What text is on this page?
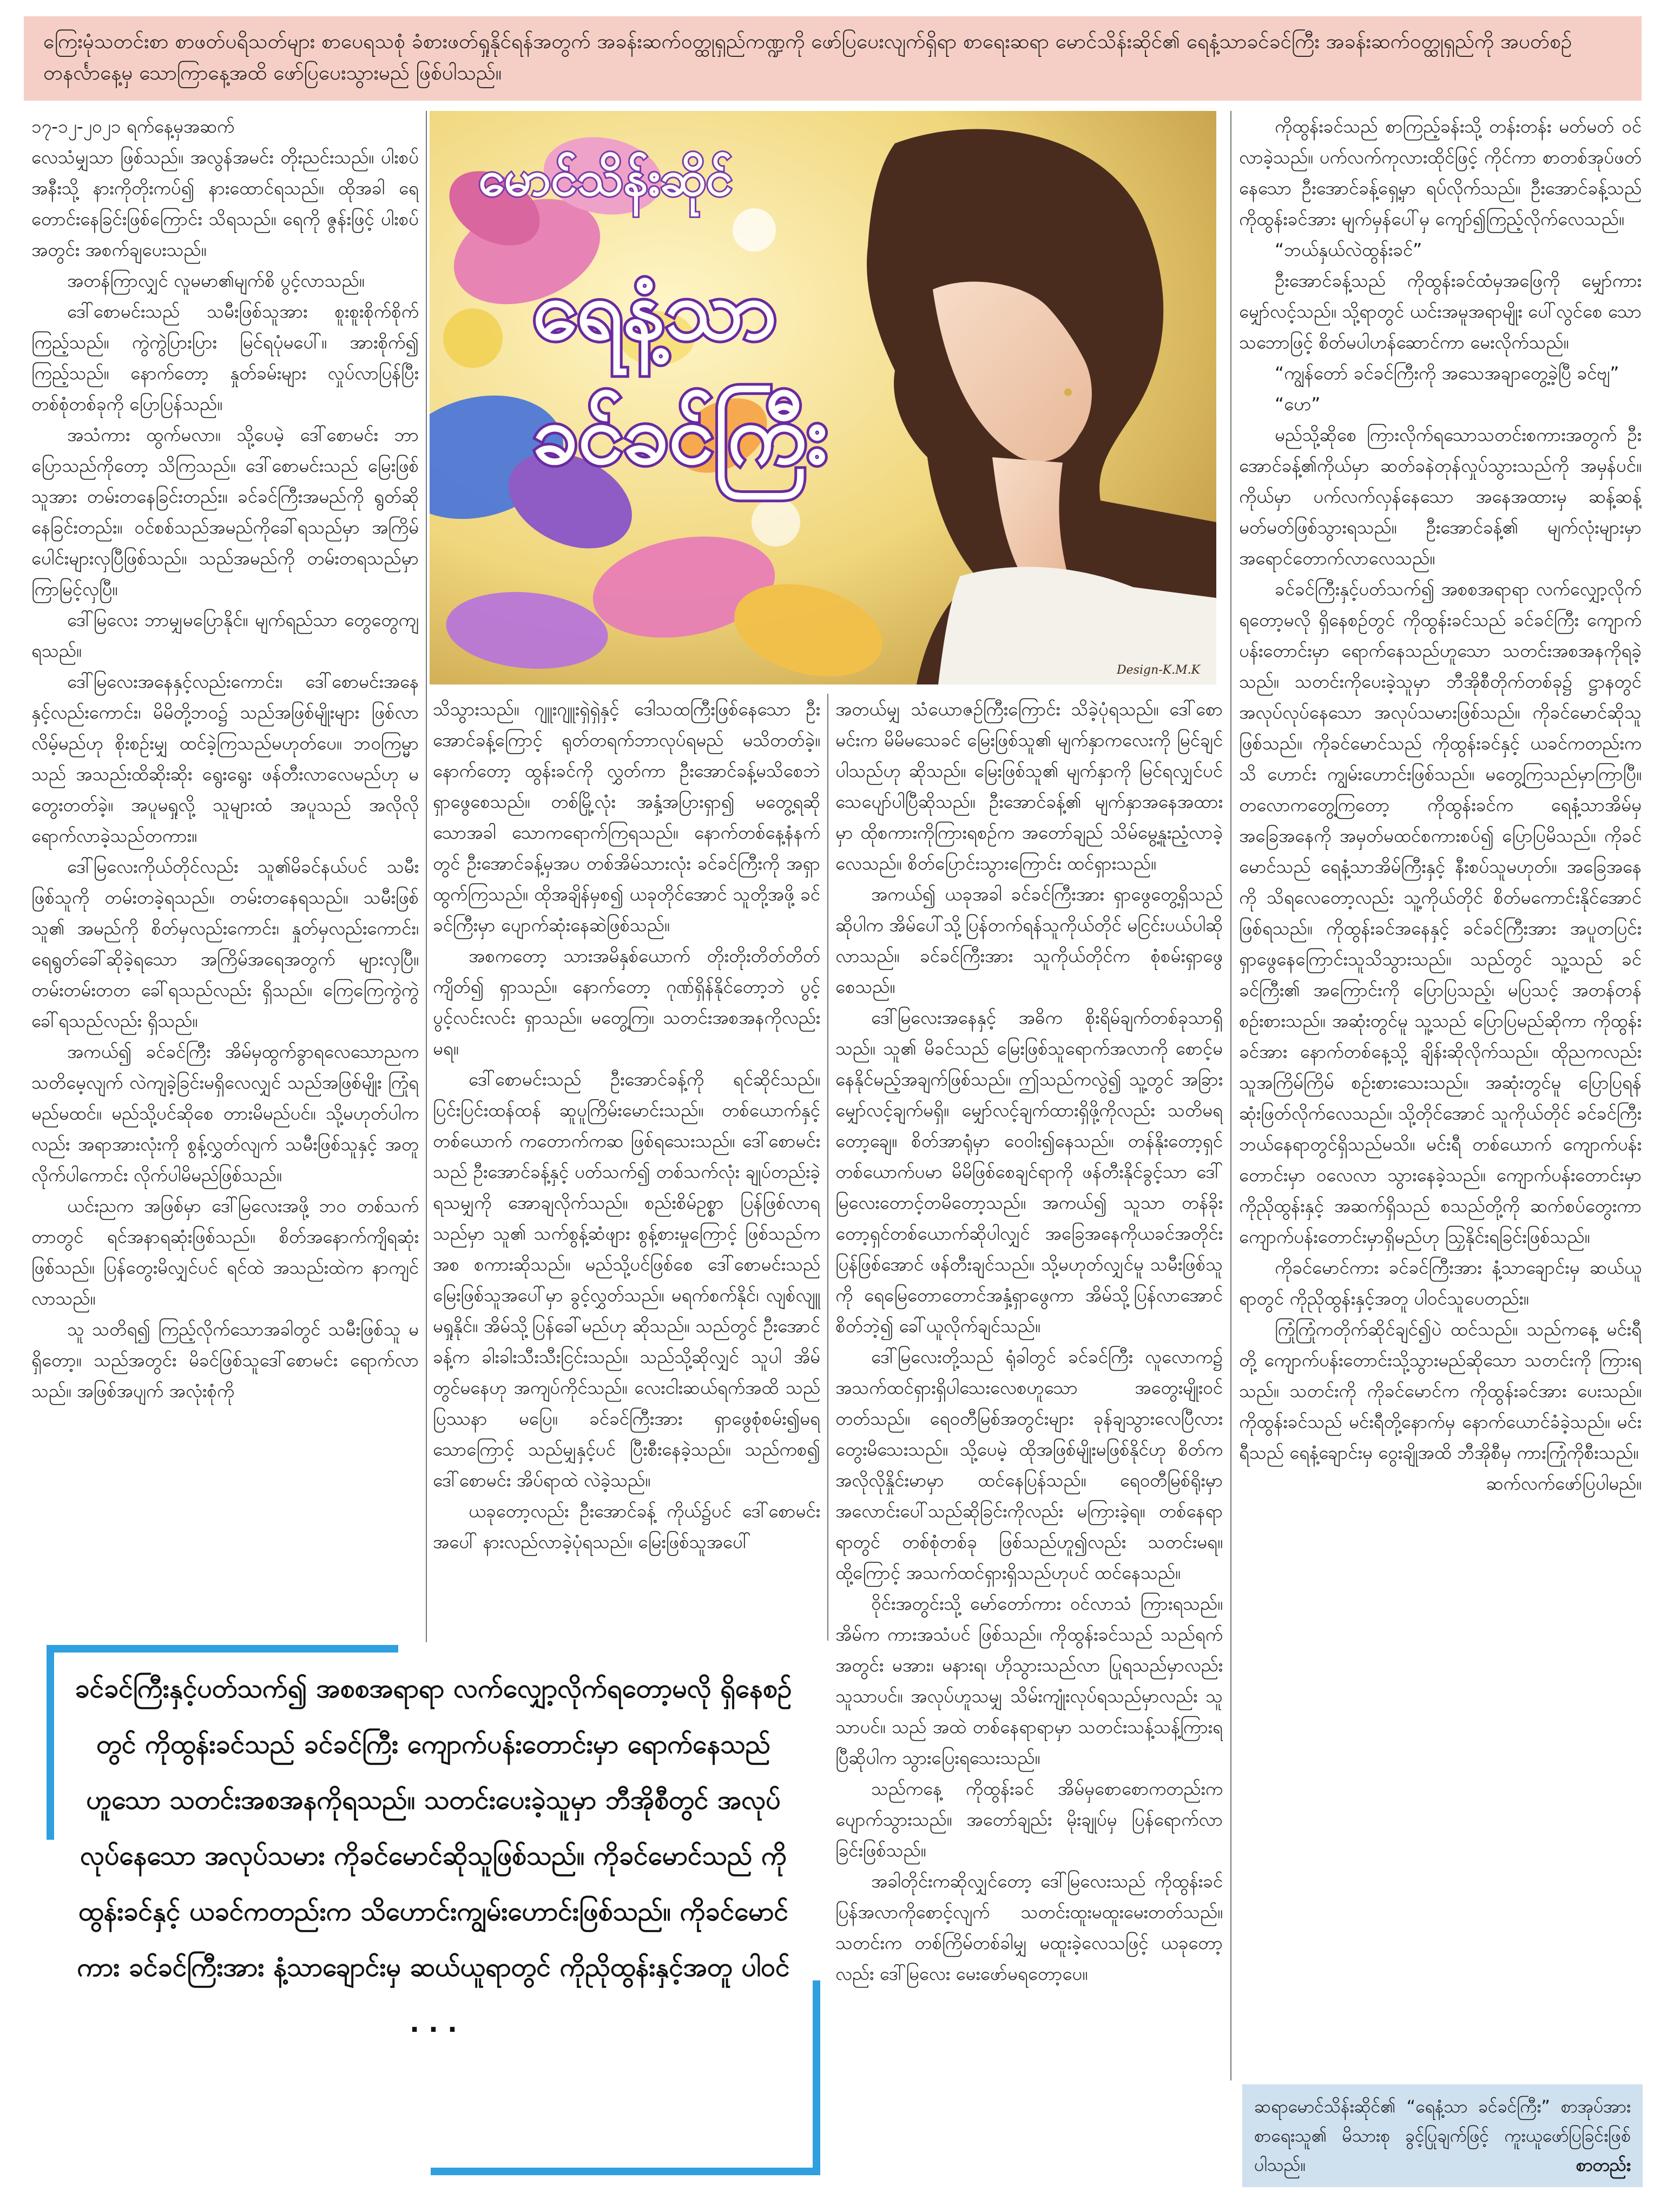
ကြေးမုံသတင်းစာ စာဖတ်ပရိသတ်များ စာပေရသစုံ ခံစားဖတ်ရှုနိုင်ရန်အတွက် အခန်းဆက်ဝတ္ထုရှည်ကဏ္ဍကို ဖော်ပြပေးလျက်ရှိရာ စာရေးဆရာ မောင်သိန်းဆိုင်၏ ရေနံ့သာခင်ခင်ကြီး အခန်းဆက်ဝတ္ထုရှည်ကို အပတ်စဉ် တနင်္လာနေ့မှ သောကြာနေ့အထိ ဖော်ပြပေးသွားမည် ဖြစ်ပါသည်။

၁၇-၁၂-၂၀၂၁ ရက်နေ့မှအဆက်

လေသံမျှသာ ဖြစ်သည်။ အလွန်အမင်း တိုးညင်းသည်။ ပါးစပ်အနီးသို့ နားကိုတိုးကပ်၍ နားထောင်ရသည်။ ထိုအခါ ရေတောင်းနေခြင်းဖြစ်ကြောင်း သိရသည်။ ရေကို ဇွန်းဖြင့် ပါးစပ်အတွင်း အစက်ချပေးသည်။

အတန်ကြာလျှင် လူမမာ၏မျက်စိ ပွင့်လာသည်။

ဒေါ်စောမင်းသည် သမီးဖြစ်သူအား စူးစူးစိုက်စိုက် ကြည့်သည်။ ကွဲကွဲပြားပြား မြင်ရပုံမပေါ်။ အားစိုက်၍ ကြည့်သည်။ နောက်တော့ နှုတ်ခမ်းများ လှုပ်လာပြန်ပြီး တစ်စုံတစ်ခုကို ပြောပြန်သည်။

အသံကား ထွက်မလာ။ သို့ပေမဲ့ ဒေါ်စောမင်း ဘာပြောသည်ကိုတော့ သိကြသည်။ ဒေါ်စောမင်းသည် မြေးဖြစ်သူအား တမ်းတနေခြင်းတည်း။ ခင်ခင်ကြီးအမည်ကို ရွတ်ဆိုနေခြင်းတည်း။ ဝင်စစ်သည်အမည်ကိုခေါ်ရသည်မှာ အကြိမ်ပေါင်းများလှပြီဖြစ်သည်။ သည်အမည်ကို တမ်းတရသည်မှာ ကြာမြင့်လှပြီ။

ဒေါ်မြလေး ဘာမျှမပြောနိုင်။ မျက်ရည်သာ တွေတွေကျရသည်။

ဒေါ်မြလေးအနေနှင့်လည်းကောင်း၊ ဒေါ်စောမင်းအနေနှင့်လည်းကောင်း၊ မိမိတို့ဘဝ၌ သည်အဖြစ်မျိုးများ ဖြစ်လာလိမ့်မည်ဟု စိုးစဉ်းမျှ ထင်ခဲ့ကြသည်မဟုတ်ပေ။ ဘဝကြမ္မာသည် အသည်းထိဆိုးဆိုး ရွေးရွေး ဖန်တီးလာလေမည်ဟု မတွေးတတ်ခဲ့။ အပူမရှုလို့ သူများထံ အပူသည် အလိုလို ရောက်လာခဲ့သည်တကား။

ဒေါ်မြလေးကိုယ်တိုင်လည်း သူ၏မိခင်နယ်ပင် သမီး ဖြစ်သူကို တမ်းတခဲ့ရသည်။ တမ်းတနေရသည်။ သမီးဖြစ်သူ၏ အမည်ကို စိတ်မှလည်းကောင်း၊ နှုတ်မှလည်းကောင်း၊ ရေရွတ်ခေါ်ဆိုခဲ့ရသော အကြိမ်အရေအတွက် များလှပြီ။ တမ်းတမ်းတတ ခေါ်ရသည်လည်း ရှိသည်။ ကြေကြေကွဲကွဲ ခေါ်ရသည်လည်း ရှိသည်။

အကယ်၍ ခင်ခင်ကြီး အိမ်မှထွက်ခွာရလေသောညက သတိမေ့လျက် လဲကျခဲ့ခြင်းမရှိလေလျှင် သည်အဖြစ်မျိုး ကြုံရမည်မထင်။ မည်သို့ပင်ဆိုစေ တားမိမည်ပင်။ သို့မဟုတ်ပါကလည်း အရာအားလုံးကို စွန့်လွှတ်လျက် သမီးဖြစ်သူနှင့် အတူ လိုက်ပါကောင်း လိုက်ပါမိမည်ဖြစ်သည်။

ယင်းညက အဖြစ်မှာ ဒေါ်မြလေးအဖို့ ဘဝ တစ်သက်တာတွင် ရင်အနာရဆုံးဖြစ်သည်။ စိတ်အနောက်ကျိရဆုံး ဖြစ်သည်။ ပြန်တွေးမိလျှင်ပင် ရင်ထဲ အသည်းထဲက နာကျင်လာသည်။

သူ သတိရ၍ ကြည့်လိုက်သောအခါတွင် သမီးဖြစ်သူ မရှိတော့။ သည်အတွင်း မိခင်ဖြစ်သူဒေါ်စောမင်း ရောက်လာသည်။ အဖြစ်အပျက် အလုံးစုံကို

မောင်သိန်းဆိုင်
ရေနံ့သာ
ခင်ခင်ကြီး
Design-K.M.K

သိသွားသည်။ ဂျူးဂျူးရှဲရှဲနှင့် ဒေါသထကြီးဖြစ်နေသော ဦးအောင်ခန့်ကြောင့် ရုတ်တရက်ဘာလုပ်ရမည် မသိတတ်ခဲ့။ နောက်တော့ ထွန်းခင်ကို လွှတ်ကာ ဦးအောင်ခန့်မသိစေဘဲ ရှာဖွေစေသည်။ တစ်မြို့လုံး အနှံ့အပြားရှာ၍ မတွေ့ရဆိုသောအခါ သောကရောက်ကြရသည်။ နောက်တစ်နေ့နံနက်တွင် ဦးအောင်ခန့်မှအပ တစ်အိမ်သားလုံး ခင်ခင်ကြီးကို အရှာထွက်ကြသည်။ ထိုအချိန်မှစ၍ ယခုတိုင်အောင် သူတို့အဖို့ ခင်ခင်ကြီးမှာ ပျောက်ဆုံးနေဆဲဖြစ်သည်။

အစကတော့ သားအမိနှစ်ယောက် တိုးတိုးတိတ်တိတ်ကျိတ်၍ ရှာသည်။ နောက်တော့ ဂုဏ်ရှိန်နိုင်တော့ဘဲ ပွင့်ပွင့်လင်းလင်း ရှာသည်။ မတွေ့ကြ။ သတင်းအစအနကိုလည်း မရ။

ဒေါ်စောမင်းသည် ဦးအောင်ခန့်ကို ရင်ဆိုင်သည်။ ပြင်းပြင်းထန်ထန် ဆူပူကြိမ်းမောင်းသည်။ တစ်ယောက်နှင့်တစ်ယောက် ကတောက်ကဆ ဖြစ်ရသေးသည်။ ဒေါ်စောမင်းသည် ဦးအောင်ခန့်နှင့် ပတ်သက်၍ တစ်သက်လုံး ချုပ်တည်းခဲ့ရသမျှကို အောချလိုက်သည်။ စည်းစိမ်ဥစ္စာ ပြန်ဖြစ်လာရသည်မှာ သူ၏ သက်စွန့်ဆံဖျား စွန့်စားမှုကြောင့် ဖြစ်သည်ကအစ စကားဆိုသည်။ မည်သို့ပင်ဖြစ်စေ ဒေါ်စောမင်းသည် မြေးဖြစ်သူအပေါ်မှာ ခွင့်လွှတ်သည်။ မရက်စက်နိုင်၊ လျစ်လျူမရှုနိုင်။ အိမ်သို့ပြန်ခေါ်မည်ဟု ဆိုသည်။ သည်တွင် ဦးအောင်ခန့်က ခါးခါးသီးသီးငြင်းသည်။ သည်သို့ဆိုလျှင် သူပါ အိမ်တွင်မနေဟု အကျပ်ကိုင်သည်။ လေးငါးဆယ်ရက်အထိ သည်ပြဿနာ မပြေ။ ခင်ခင်ကြီးအား ရှာဖွေစုံစမ်း၍မရသောကြောင့် သည်မျှနှင့်ပင် ပြီးစီးနေခဲ့သည်။ သည်ကစ၍ ဒေါ်စောမင်း အိပ်ရာထဲ လဲခဲ့သည်။

ယခုတော့လည်း ဦးအောင်ခန့် ကိုယ်၌ပင် ဒေါ်စောမင်းအပေါ် နားလည်လာခဲ့ပုံရသည်။ မြေးဖြစ်သူအပေါ်

အတယ်မျှ သံယောဇဉ်ကြီးကြောင်း သိခဲ့ပုံရသည်။ ဒေါ်စောမင်းက မိမိမသေခင် မြေးဖြစ်သူ၏ မျက်နှာကလေးကို မြင်ချင်ပါသည်ဟု ဆိုသည်။ မြေးဖြစ်သူ၏ မျက်နှာကို မြင်ရလျှင်ပင် သေပျော်ပါပြီဆိုသည်။ ဦးအောင်ခန့်၏ မျက်နှာအနေအထားမှာ ထိုစကားကိုကြားရစဉ်က အတော်ချည် သိမ်မွေ့နူးညံ့လာခဲ့လေသည်။ စိတ်ပြောင်းသွားကြောင်း ထင်ရှားသည်။

အကယ်၍ ယခုအခါ ခင်ခင်ကြီးအား ရှာဖွေတွေ့ရှိသည်ဆိုပါက အိမ်ပေါ်သို့ပြန်တက်ရန်သူကိုယ်တိုင် မငြင်းပယ်ပါဆိုလာသည်။ ခင်ခင်ကြီးအား သူကိုယ်တိုင်က စုံစမ်းရှာဖွေစေသည်။

ဒေါ်မြလေးအနေနှင့် အဓိက စိုးရိမ်ချက်တစ်ခုသာရှိသည်။ သူ၏ မိခင်သည် မြေးဖြစ်သူရောက်အလာကို စောင့်မနေနိုင်မည့်အချက်ဖြစ်သည်။ ဤသည်ကလွဲ၍ သူ့တွင် အခြားမျှော်လင့်ချက်မရှိ။ မျှော်လင့်ချက်ထားရှိဖို့ကိုလည်း သတိမရတော့ချေ။ စိတ်အာရုံမှာ ဝေဝါး၍နေသည်။ တန်နိုးတော့ရှင်တစ်ယောက်ပမာ မိမိဖြစ်စေချင်ရာကို ဖန်တီးနိုင်ခွင့်သာ ဒေါ်မြလေးတောင့်တမိတော့သည်။ အကယ်၍ သူသာ တန်ခိုးတော့ရှင်တစ်ယောက်ဆိုပါလျှင် အခြေအနေကိုယခင်အတိုင်းပြန်ဖြစ်အောင် ဖန်တီးချင်သည်။ သို့မဟုတ်လျှင်မူ သမီးဖြစ်သူကို ရေမြေတောတောင်အနှံ့ရှာဖွေကာ အိမ်သို့ပြန်လာအောင် စိတ်ဘဲ့၍ ခေါ်ယူလိုက်ချင်သည်။

ဒေါ်မြလေးတို့သည် ရုံခါတွင် ခင်ခင်ကြီး လူလောက၌ အသက်ထင်ရှားရှိပါသေးလေစဟူသော အတွေးမျိုးဝင်တတ်သည်။ ရေဝတီမြစ်အတွင်းများ ခုန်ချသွားလေပြီလား တွေးမိသေးသည်။ သို့ပေမဲ့ ထိုအဖြစ်မျိုးမဖြစ်နိုင်ဟု စိတ်က အလိုလိုနှိုင်းမာမှာ ထင်နေပြန်သည်။ ရေဝတီမြစ်ရိုးမှာ အလောင်းပေါ်သည်ဆိုခြင်းကိုလည်း မကြားခဲ့ရ။ တစ်နေရာရာတွင် တစ်စုံတစ်ခု ဖြစ်သည်ဟူ၍လည်း သတင်းမရ။ ထို့ကြောင့် အသက်ထင်ရှားရှိသည်ဟုပင် ထင်နေသည်။

ဝိုင်းအတွင်းသို့ မော်တော်ကား ဝင်လာသံ ကြားရသည်။ အိမ်က ကားအသံပင် ဖြစ်သည်။ ကိုထွန်းခင်သည် သည်ရက်အတွင်း မအား၊ မနားရ၊ ဟိုသွားသည်လာ ပြုရသည်မှာလည်း သူသာပင်။ အလုပ်ဟူသမျှ သိမ်းကျုံးလုပ်ရသည်မှာလည်း သူသာပင်။ သည် အထဲ တစ်နေရာရာမှာ သတင်းသန့်သန့်ကြားရပြီဆိုပါက သွားပြေးရသေးသည်။

သည်ကနေ့ ကိုထွန်းခင် အိမ်မှစောစောကတည်းက ပျောက်သွားသည်။ အတော်ချည်း မိုးချုပ်မှ ပြန်ရောက်လာခြင်းဖြစ်သည်။

အခါတိုင်းကဆိုလျှင်တော့ ဒေါ်မြလေးသည် ကိုထွန်းခင် ပြန်အလာကိုစောင့်လျက် သတင်းထူးမထူးမေးတတ်သည်။ သတင်းက တစ်ကြိမ်တစ်ခါမျှ မထူးခဲ့လေသဖြင့် ယခုတော့လည်း ဒေါ်မြလေး မေးဖော်မရတော့ပေ။

ကိုထွန်းခင်သည် စာကြည့်ခန်းသို့ တန်းတန်း မတ်မတ် ဝင်လာခဲ့သည်။ ပက်လက်ကုလားထိုင်ဖြင့် ကိုင်ကာ စာတစ်အုပ်ဖတ်နေသော ဦးအောင်ခန့်ရှေ့မှာ ရပ်လိုက်သည်။ ဦးအောင်ခန့်သည် ကိုထွန်းခင်အား မျက်မှန်ပေါ်မှ ကျော်၍ကြည့်လိုက်လေသည်။

“ဘယ်နှယ်လဲထွန်းခင်”

ဦးအောင်ခန့်သည် ကိုထွန်းခင်ထံမှအဖြေကို မျှော်ကား မျှော်လင့်သည်။ သို့ရာတွင် ယင်းအမူအရာမျိုး ပေါ်လွင်စေ သောသဘောဖြင့် စိတ်မပါဟန်ဆောင်ကာ မေးလိုက်သည်။

“ကျွန်တော် ခင်ခင်ကြီးကို အသေအချာတွေ့ခဲ့ပြီ ခင်ဗျ”

“ဟေ”

မည်သို့ဆိုစေ ကြားလိုက်ရသောသတင်းစကားအတွက် ဦးအောင်ခန့်၏ကိုယ်မှာ ဆတ်ခနဲတုန်လှုပ်သွားသည်ကို အမှန်ပင်။ ကိုယ်မှာ ပက်လက်လှန်နေသော အနေအထားမှ ဆန့်ဆန့်မတ်မတ်ဖြစ်သွားရသည်။ ဦးအောင်ခန့်၏ မျက်လုံးများမှာ အရောင်တောက်လာလေသည်။

ခင်ခင်ကြီးနှင့်ပတ်သက်၍ အစစအရာရာ လက်လျှော့လိုက်ရတော့မလို ရှိနေစဉ်တွင် ကိုထွန်းခင်သည် ခင်ခင်ကြီး ကျောက်ပန်းတောင်းမှာ ရောက်နေသည်ဟူသော သတင်းအစအနကိုရခဲ့သည်။ သတင်းကိုပေးခဲ့သူမှာ ဘီအိုစီတိုက်တစ်ခု၌ ဋ္ဌာနတွင် အလုပ်လုပ်နေသော အလုပ်သမားဖြစ်သည်။ ကိုခင်မောင်ဆိုသူဖြစ်သည်။ ကိုခင်မောင်သည် ကိုထွန်းခင်နှင့် ယခင်ကတည်းက သိ ဟောင်း ကျွမ်းဟောင်းဖြစ်သည်။ မတွေ့ကြသည်မှာကြာပြီ။ တလောကတွေ့ကြတော့ ကိုထွန်းခင်က ရေနံ့သာအိမ်မှ အခြေအနေကို အမှတ်မထင်စကားစပ်၍ ပြောပြမိသည်။ ကိုခင်မောင်သည် ရေနံ့သာအိမ်ကြီးနှင့် နီးစပ်သူမဟုတ်။ အခြေအနေကို သိရလေတော့လည်း သူ့ကိုယ်တိုင် စိတ်မကောင်းနိုင်အောင် ဖြစ်ရသည်။ ကိုထွန်းခင်အနေနှင့် ခင်ခင်ကြီးအား အပူတပြင်း ရှာဖွေနေကြောင်းသူသိသွားသည်။ သည်တွင် သူ့သည် ခင်ခင်ကြီး၏ အကြောင်းကို ပြောပြသည့်၊ မပြသင့် အတန်တန်စဉ်းစားသည်။ အဆုံးတွင်မူ သူ့သည် ပြောပြမည်ဆိုကာ ကိုထွန်းခင်အား နောက်တစ်နေ့သို့ ချိန်းဆိုလိုက်သည်။ ထိုညကလည်း သူအကြိမ်ကြိမ် စဉ်းစားသေးသည်။ အဆုံးတွင်မူ ပြောပြရန်ဆုံးဖြတ်လိုက်လေသည်။ သို့တိုင်အောင် သူကိုယ်တိုင် ခင်ခင်ကြီး ဘယ်နေရာတွင်ရှိသည်မသိ။ မင်းရီ တစ်ယောက် ကျောက်ပန်းတောင်းမှာ ဝလေလာ သွားနေခဲ့သည်။ ကျောက်ပန်းတောင်းမှာ ကိုညိုထွန်းနှင့် အဆက်ရှိသည် စသည်တို့ကို ဆက်စပ်တွေးကာ ကျောက်ပန်းတောင်းမှာရှိမည်ဟု ဩှနိုင်းရခြင်းဖြစ်သည်။

ကိုခင်မောင်ကား ခင်ခင်ကြီးအား နံ့သာချောင်းမှ ဆယ်ယူရာတွင် ကိုညိုထွန်းနှင့်အတူ ပါဝင်သူပေတည်း။

ကြုံကြုံကတိုက်ဆိုင်ချင်၍ပဲ ထင်သည်။ သည်ကနေ့ မင်းရီတို့ ကျောက်ပန်းတောင်းသို့သွားမည်ဆိုသော သတင်းကို ကြားရသည်။ သတင်းကို ကိုခင်မောင်က ကိုထွန်းခင်အား ပေးသည်။ ကိုထွန်းခင်သည် မင်းရီတို့နောက်မှ နောက်ယောင်ခံခဲ့သည်။ မင်းရီသည် ရေနံ့ချောင်းမှ ဝွေးချိုအထိ ဘီအိုစီမှ ကားကြုံကိုစီးသည်။

ဆက်လက်ဖော်ပြပါမည်။

ခင်ခင်ကြီးနှင့်ပတ်သက်၍ အစစအရာရာ လက်လျှော့လိုက်ရတော့မလို ရှိနေစဉ်တွင် ကိုထွန်းခင်သည် ခင်ခင်ကြီး ကျောက်ပန်းတောင်းမှာ ရောက်နေသည်ဟူသော သတင်းအစအနကိုရသည်။ သတင်းပေးခဲ့သူမှာ ဘီအိုစီတွင် အလုပ်လုပ်နေသော အလုပ်သမား ကိုခင်မောင်ဆိုသူဖြစ်သည်။ ကိုခင်မောင်သည် ကိုထွန်းခင်နှင့် ယခင်ကတည်းက သိဟောင်းကျွမ်းဟောင်းဖြစ်သည်။ ကိုခင်မောင်ကား ခင်ခင်ကြီးအား နံ့သာချောင်းမှ ဆယ်ယူရာတွင် ကိုညိုထွန်းနှင့်အတူ ပါဝင် . . .
ဆရာမောင်သိန်းဆိုင်၏ “ရေနံ့သာ ခင်ခင်ကြီး” စာအုပ်အား စာရေးသူ၏ မိသားစု ခွင့်ပြုချက်ဖြင့် ကူးယူဖော်ပြခြင်းဖြစ်ပါသည်။	စာတည်း
